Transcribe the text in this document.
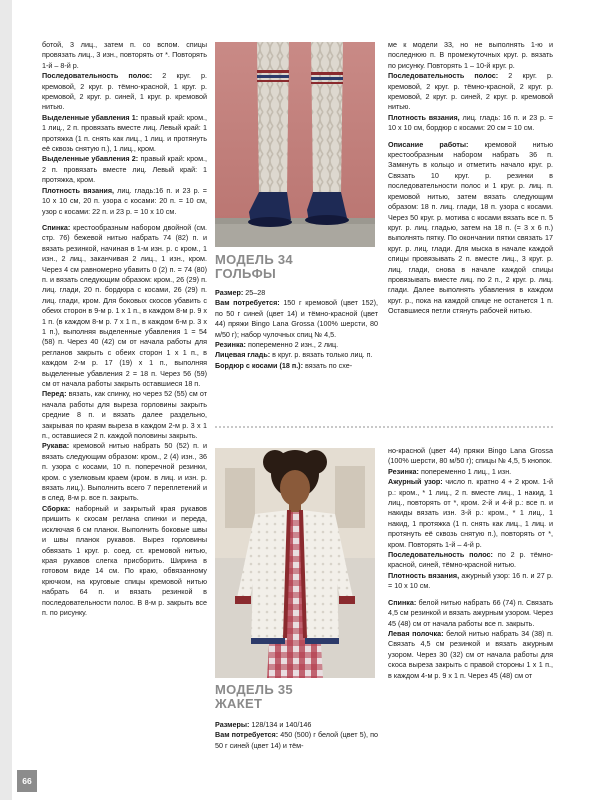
ботой, 3 лиц., затем п. со вспом. спицы провязать лиц., 3 изн., повторять от *. Повторять 1-й – 8-й р.

Последовательность полос: 2 круг. р. кремовой, 2 круг. р. тёмно-красной, 1 круг. р. кремовой, 2 круг. р. синей, 1 круг. р. кремовой нитью.

Выделенные убавления 1: правый край: кром., 1 лиц., 2 п. провязать вместе лиц. Левый край: 1 протяжка (1 п. снять как лиц., 1 лиц. и протянуть её сквозь снятую п.), 1 лиц., кром.

Выделенные убавления 2: правый край: кром., 2 п. провязать вместе лиц. Левый край: 1 протяжка, кром.

Плотность вязания, лиц. гладь:16 п. и 23 р. = 10 х 10 см, 20 п. узора с косами: 20 п. = 10 см, узор с косами: 22 п. и 23 р. = 10 х 10 см.

Спинка: крестообразным набором двойной (см. стр. 76) бежевой нитью набрать 74 (82) п. и вязать резинкой, начиная в 1-м изн. р. с кром., 1 изн., 2 лиц., заканчивая 2 лиц., 1 изн., кром. Через 4 см равномерно убавить 0 (2) п. = 74 (80) п. и вязать следующим образом: кром., 26 (29) п. лиц. глади, 20 п. бордюра с косами, 26 (29) п. лиц. глади, кром. Для боковых скосов убавить с обеих сторон в 9-м р. 1 х 1 п., в каждом 8-м р. 9 х 1 п. (в каждом 8-м р. 7 х 1 п., в каждом 6-м р. 3 х 1 п.), выполняя выделенные убавления 1 = 54 (58) п. Через 40 (42) см от начала работы для регланов закрыть с обеих сторон 1 х 1 п., в каждом 2-м р. 17 (19) х 1 п., выполняя выделенные убавления 2 = 18 п. Через 56 (59) см от начала работы закрыть оставшиеся 18 п.

Перед: вязать, как спинку, но через 52 (55) см от начала работы для выреза горловины закрыть средние 8 п. и вязать далее раздельно, закрывая по краям выреза в каждом 2-м р. 3 х 1 п., оставшиеся 2 п. каждой половины закрыть.

Рукава: кремовой нитью набрать 50 (52) п. и вязать следующим образом: кром., 2 (4) изн., 36 п. узора с косами, 10 п. поперечной резинки, кром. с узелковым краем (кром. в лиц. и изн. р. вязать лиц.). Выполнить всего 7 переплетений и в след. 8-м р. все п. закрыть.

Сборка: наборный и закрытый края рукавов пришить к скосам реглана спинки и переда, исключая 6 см планок. Выполнить боковые швы и швы планок рукавов. Вырез горловины обвязать 1 круг. р. соед. ст. кремовой нитью, края рукавов слегка присборить. Ширина в готовом виде 14 см. По краю, обвязанному крючком, на круговые спицы кремовой нитью набрать 64 п. и вязать резинкой в последовательности полос. В 8-м р. закрыть все п. по рисунку.

МОДЕЛЬ 34
ГОЛЬФЫ

Размер: 25–28

Вам потребуется: 150 г кремовой (цвет 152), по 50 г синей (цвет 14) и тёмно-красной (цвет 44) пряжи Bingo Lana Grossa (100% шерсти, 80 м/50 г); набор чулочных спиц № 4,5.

Резинка: попеременно 2 изн., 2 лиц.

Лицевая гладь: в круг. р. вязать только лиц. п.

Бордюр с косами (18 п.): вязать по схе-

ме к модели 33, но не выполнять 1-ю и последнюю п. В промежуточных круг. р. вязать по рисунку. Повторять 1 – 10-й круг. р.

Последовательность полос: 2 круг. р. кремовой, 2 круг. р. тёмно-красной, 2 круг. р. кремовой, 2 круг. р. синей, 2 круг. р. кремовой нитью.

Плотность вязания, лиц. гладь: 16 п. и 23 р. = 10 х 10 см, бордюр с косами: 20 см = 10 см.

Описание работы: кремовой нитью крестообразным набором набрать 36 п. Замкнуть в кольцо и отметить начало круг. р. Связать 10 круг. р. резинки в последовательности полос и 1 круг. р. лиц. п. кремовой нитью, затем вязать следующим образом: 18 п. лиц. глади, 18 п. узора с косами. Через 50 круг. р. мотива с косами вязать все п. 5 круг. р. лиц. гладью, затем на 18 п. (= 3 х 6 п.) выполнять пятку. По окончании пятки связать 17 круг. р. лиц. глади. Для мыска в начале каждой спицы провязывать 2 п. вместе лиц., 3 круг. р. лиц. глади, снова в начале каждой спицы провязывать вместе лиц. по 2 п., 2 круг. р. лиц. глади. Далее выполнять убавления в каждом круг. р., пока на каждой спице не останется 1 п. Оставшиеся петли стянуть рабочей нитью.

МОДЕЛЬ 35
ЖАКЕТ

Размеры: 128/134 и 140/146

Вам потребуется: 450 (500) г белой (цвет 5), по 50 г синей (цвет 14) и тём-

но-красной (цвет 44) пряжи Bingo Lana Grossa (100% шерсти, 80 м/50 г); спицы № 4,5, 5 кнопок.

Резинка: попеременно 1 лиц., 1 изн.

Ажурный узор: число п. кратно 4 + 2 кром. 1-й р.: кром., * 1 лиц., 2 п. вместе лиц., 1 накид, 1 лиц., повторять от *, кром. 2-й и 4-й р.: все п. и накиды вязать изн. 3-й р.: кром., * 1 лиц., 1 накид, 1 протяжка (1 п. снять как лиц., 1 лиц. и протянуть её сквозь снятую п.), повторять от *, кром. Повторять 1-й – 4-й р.

Последовательность полос: по 2 р. тёмно-красной, синей, тёмно-красной нитью.

Плотность вязания, ажурный узор: 16 п. и 27 р. = 10 х 10 см.

Спинка: белой нитью набрать 66 (74) п. Связать 4,5 см резинкой и вязать ажурным узором. Через 45 (48) см от начала работы все п. закрыть.

Левая полочка: белой нитью набрать 34 (38) п. Связать 4,5 см резинкой и вязать ажурным узором. Через 30 (32) см от начала работы для скоса выреза закрыть с правой стороны 1 х 1 п., в каждом 4-м р. 9 х 1 п. Через 45 (48) см от

66
